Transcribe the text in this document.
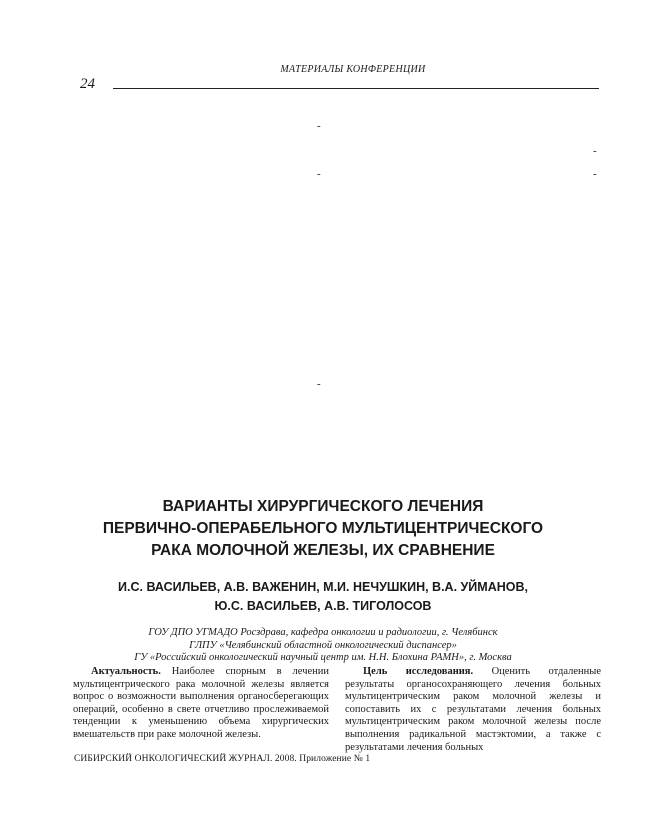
МАТЕРИАЛЫ КОНФЕРЕНЦИИ
24
-
-
-	-
-
ВАРИАНТЫ ХИРУРГИЧЕСКОГО ЛЕЧЕНИЯ
ПЕРВИЧНО-ОПЕРАБЕЛЬНОГО МУЛЬТИЦЕНТРИЧЕСКОГО
РАКА МОЛОЧНОЙ ЖЕЛЕЗЫ, ИХ СРАВНЕНИЕ
И.С. ВАСИЛЬЕВ, А.В. ВАЖЕНИН, М.И. НЕЧУШКИН, В.А. УЙМАНОВ,
Ю.С. ВАСИЛЬЕВ, А.В. ТИГОЛОСОВ
ГОУ ДПО УГМАДО Росздрава, кафедра онкологии и радиологии, г. Челябинск
ГЛПУ «Челябинский областной онкологический диспансер»
ГУ «Российский онкологический научный центр им. Н.Н. Блохина РАМН», г. Москва

Актуальность. Наиболее спорным в лечении мультицентрического рака молочной железы является вопрос о возможности выполнения органосберегающих операций, особенно в свете отчетливо прослеживаемой тенденции к уменьшению объема хирургических вмешательств при раке молочной железы.

Цель исследования. Оценить отдаленные результаты органосохраняющего лечения больных мультицентрическим раком молочной железы и сопоставить их с результатами лечения больных мультицентрическим раком молочной железы после выполнения радикальной мастэктомии, а также с результатами лечения больных

СИБИРСКИЙ ОНКОЛОГИЧЕСКИЙ ЖУРНАЛ. 2008. Приложение № 1
